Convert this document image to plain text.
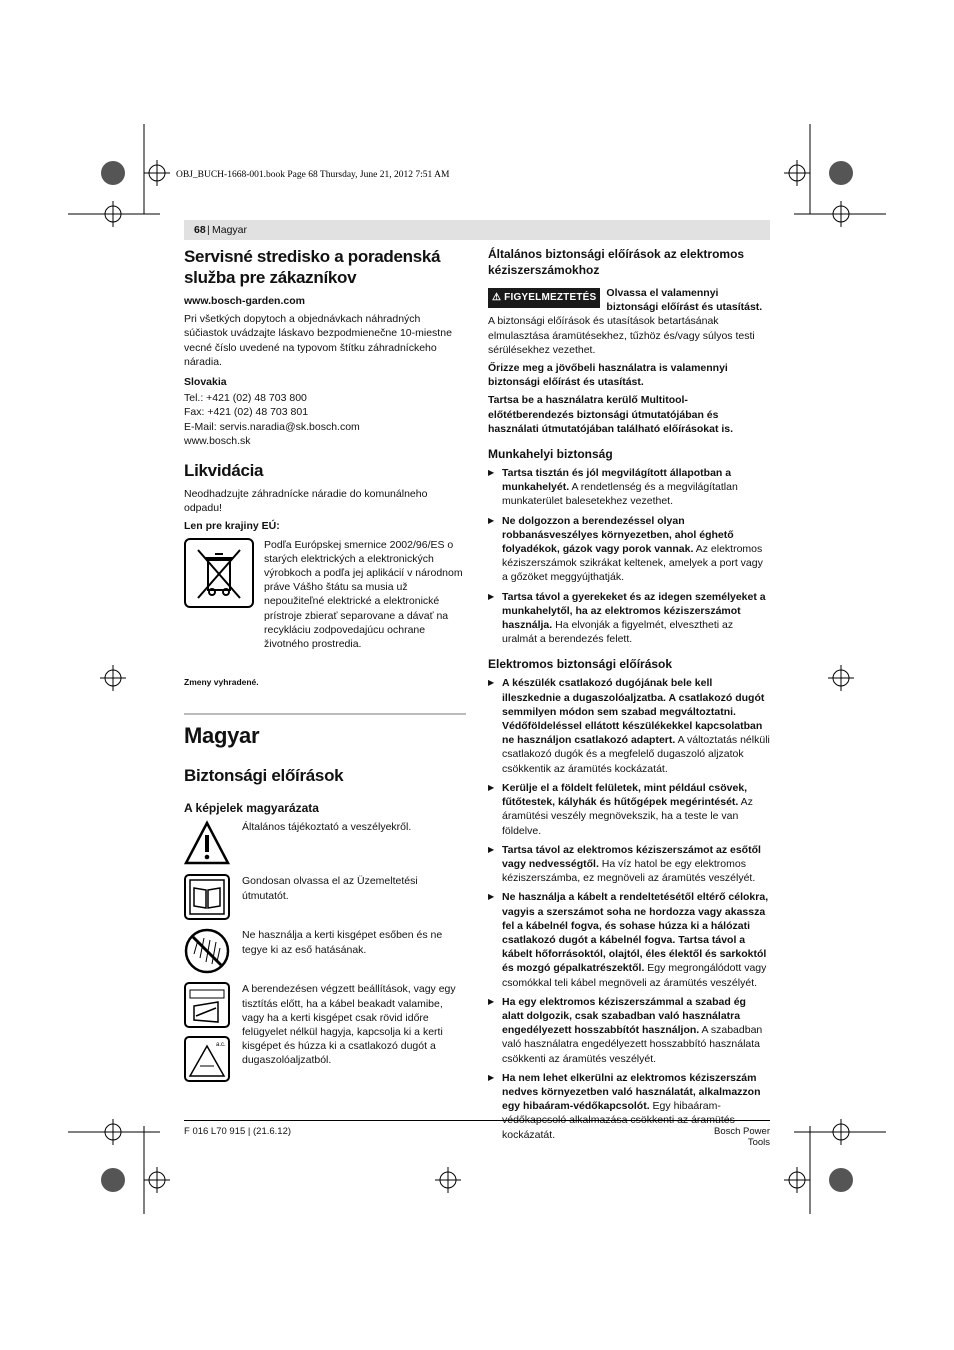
OBJ_BUCH-1668-001.book Page 68 Thursday, June 21, 2012 7:51 AM
68 | Magyar
Servisné stredisko a poradenská služba pre zákazníkov

www.bosch-garden.com

Pri všetkých dopytoch a objednávkach náhradných súčiastok uvádzajte láskavo bezpodmienečne 10-miestne vecné číslo uvedené na typovom štítku záhradníckeho náradia.

Slovakia

Tel.: +421 (02) 48 703 800
Fax: +421 (02) 48 703 801
E-Mail: servis.naradia@sk.bosch.com
www.bosch.sk
Likvidácia

Neodhadzujte záhradnícke náradie do komunálneho odpadu!

Len pre krajiny EÚ:

Podľa Európskej smernice 2002/96/ES o starých elektrických a elektronických výrobkoch a podľa jej aplikácií v národnom práve Vášho štátu sa musia už nepoužiteľné elektrické a elektronické prístroje zbierať separovane a dávať na recykláciu zodpovedajúcu ochrane životného prostredia.

Zmeny vyhradené.

Magyar
Biztonsági előírások
A képjelek magyarázata
Általános tájékoztató a veszélyekről.
Gondosan olvassa el az Üzemeltetési útmutatót.
Ne használja a kerti kisgépet esőben és ne tegye ki az eső hatásának.
a.c.
A berendezésen végzett beállítások, vagy egy tisztítás előtt, ha a kábel beakadt valamibe, vagy ha a kerti kisgépet csak rövid időre felügyelet nélkül hagyja, kapcsolja ki a kerti kisgépet és húzza ki a csatlakozó dugót a dugaszolóaljzatból.
Általános biztonsági előírások az elektromos kéziszerszámokhoz
⚠ FIGYELMEZTETÉS Olvassa el valamennyi biztonsági előírást és utasítást. A biztonsági előírások és utasítások betartásának elmulasztása áramütésekhez, tűzhöz és/vagy súlyos testi sérülésekhez vezethet.

Őrizze meg a jövőbeli használatra is valamennyi biztonsági előírást és utasítást.

Tartsa be a használatra kerülő Multitool-előtétberendezés biztonsági útmutatójában és használati útmutatójában található előírásokat is.

Munkahelyi biztonság
▶ Tartsa tisztán és jól megvilágított állapotban a munkahelyét. A rendetlenség és a megvilágítatlan munkaterület balesetekhez vezethet.
▶ Ne dolgozzon a berendezéssel olyan robbanásveszélyes környezetben, ahol éghető folyadékok, gázok vagy porok vannak. Az elektromos kéziszerszámok szikrákat keltenek, amelyek a port vagy a gőzöket meggyújthatják.
▶ Tartsa távol a gyerekeket és az idegen személyeket a munkahelytől, ha az elektromos kéziszerszámot használja. Ha elvonják a figyelmét, elvesztheti az uralmát a berendezés felett.
Elektromos biztonsági előírások
▶ A készülék csatlakozó dugójának bele kell illeszkednie a dugaszolóaljzatba. A csatlakozó dugót semmilyen módon sem szabad megváltoztatni. Védőföldeléssel ellátott készülékekkel kapcsolatban ne használjon csatlakozó adaptert. A változtatás nélküli csatlakozó dugók és a megfelelő dugaszoló aljzatok csökkentik az áramütés kockázatát.
▶ Kerülje el a földelt felületek, mint például csövek, fűtőtestek, kályhák és hűtőgépek megérintését. Az áramütési veszély megnövekszik, ha a teste le van földelve.
▶ Tartsa távol az elektromos kéziszerszámot az esőtől vagy nedvességtől. Ha víz hatol be egy elektromos kéziszerszámba, ez megnöveli az áramütés veszélyét.
▶ Ne használja a kábelt a rendeltetésétől eltérő célokra, vagyis a szerszámot soha ne hordozza vagy akassza fel a kábelnél fogva, és sohase húzza ki a hálózati csatlakozó dugót a kábelnél fogva. Tartsa távol a kábelt hőforrásoktól, olajtól, éles élektől és sarkoktól és mozgó gépalkatrészektől. Egy megrongálódott vagy csomókkal teli kábel megnöveli az áramütés veszélyét.
▶ Ha egy elektromos kéziszerszámmal a szabad ég alatt dolgozik, csak szabadban való használatra engedélyezett hosszabbítót használjon. A szabadban való használatra engedélyezett hosszabbító használata csökkenti az áramütés veszélyét.
▶ Ha nem lehet elkerülni az elektromos kéziszerszám nedves környezetben való használatát, alkalmazzon egy hibaáram-védőkapcsolót. Egy hibaáram-védőkapcsoló alkalmazása csökkenti az áramütés kockázatát.
F 016 L70 915 | (21.6.12)	Bosch Power Tools
